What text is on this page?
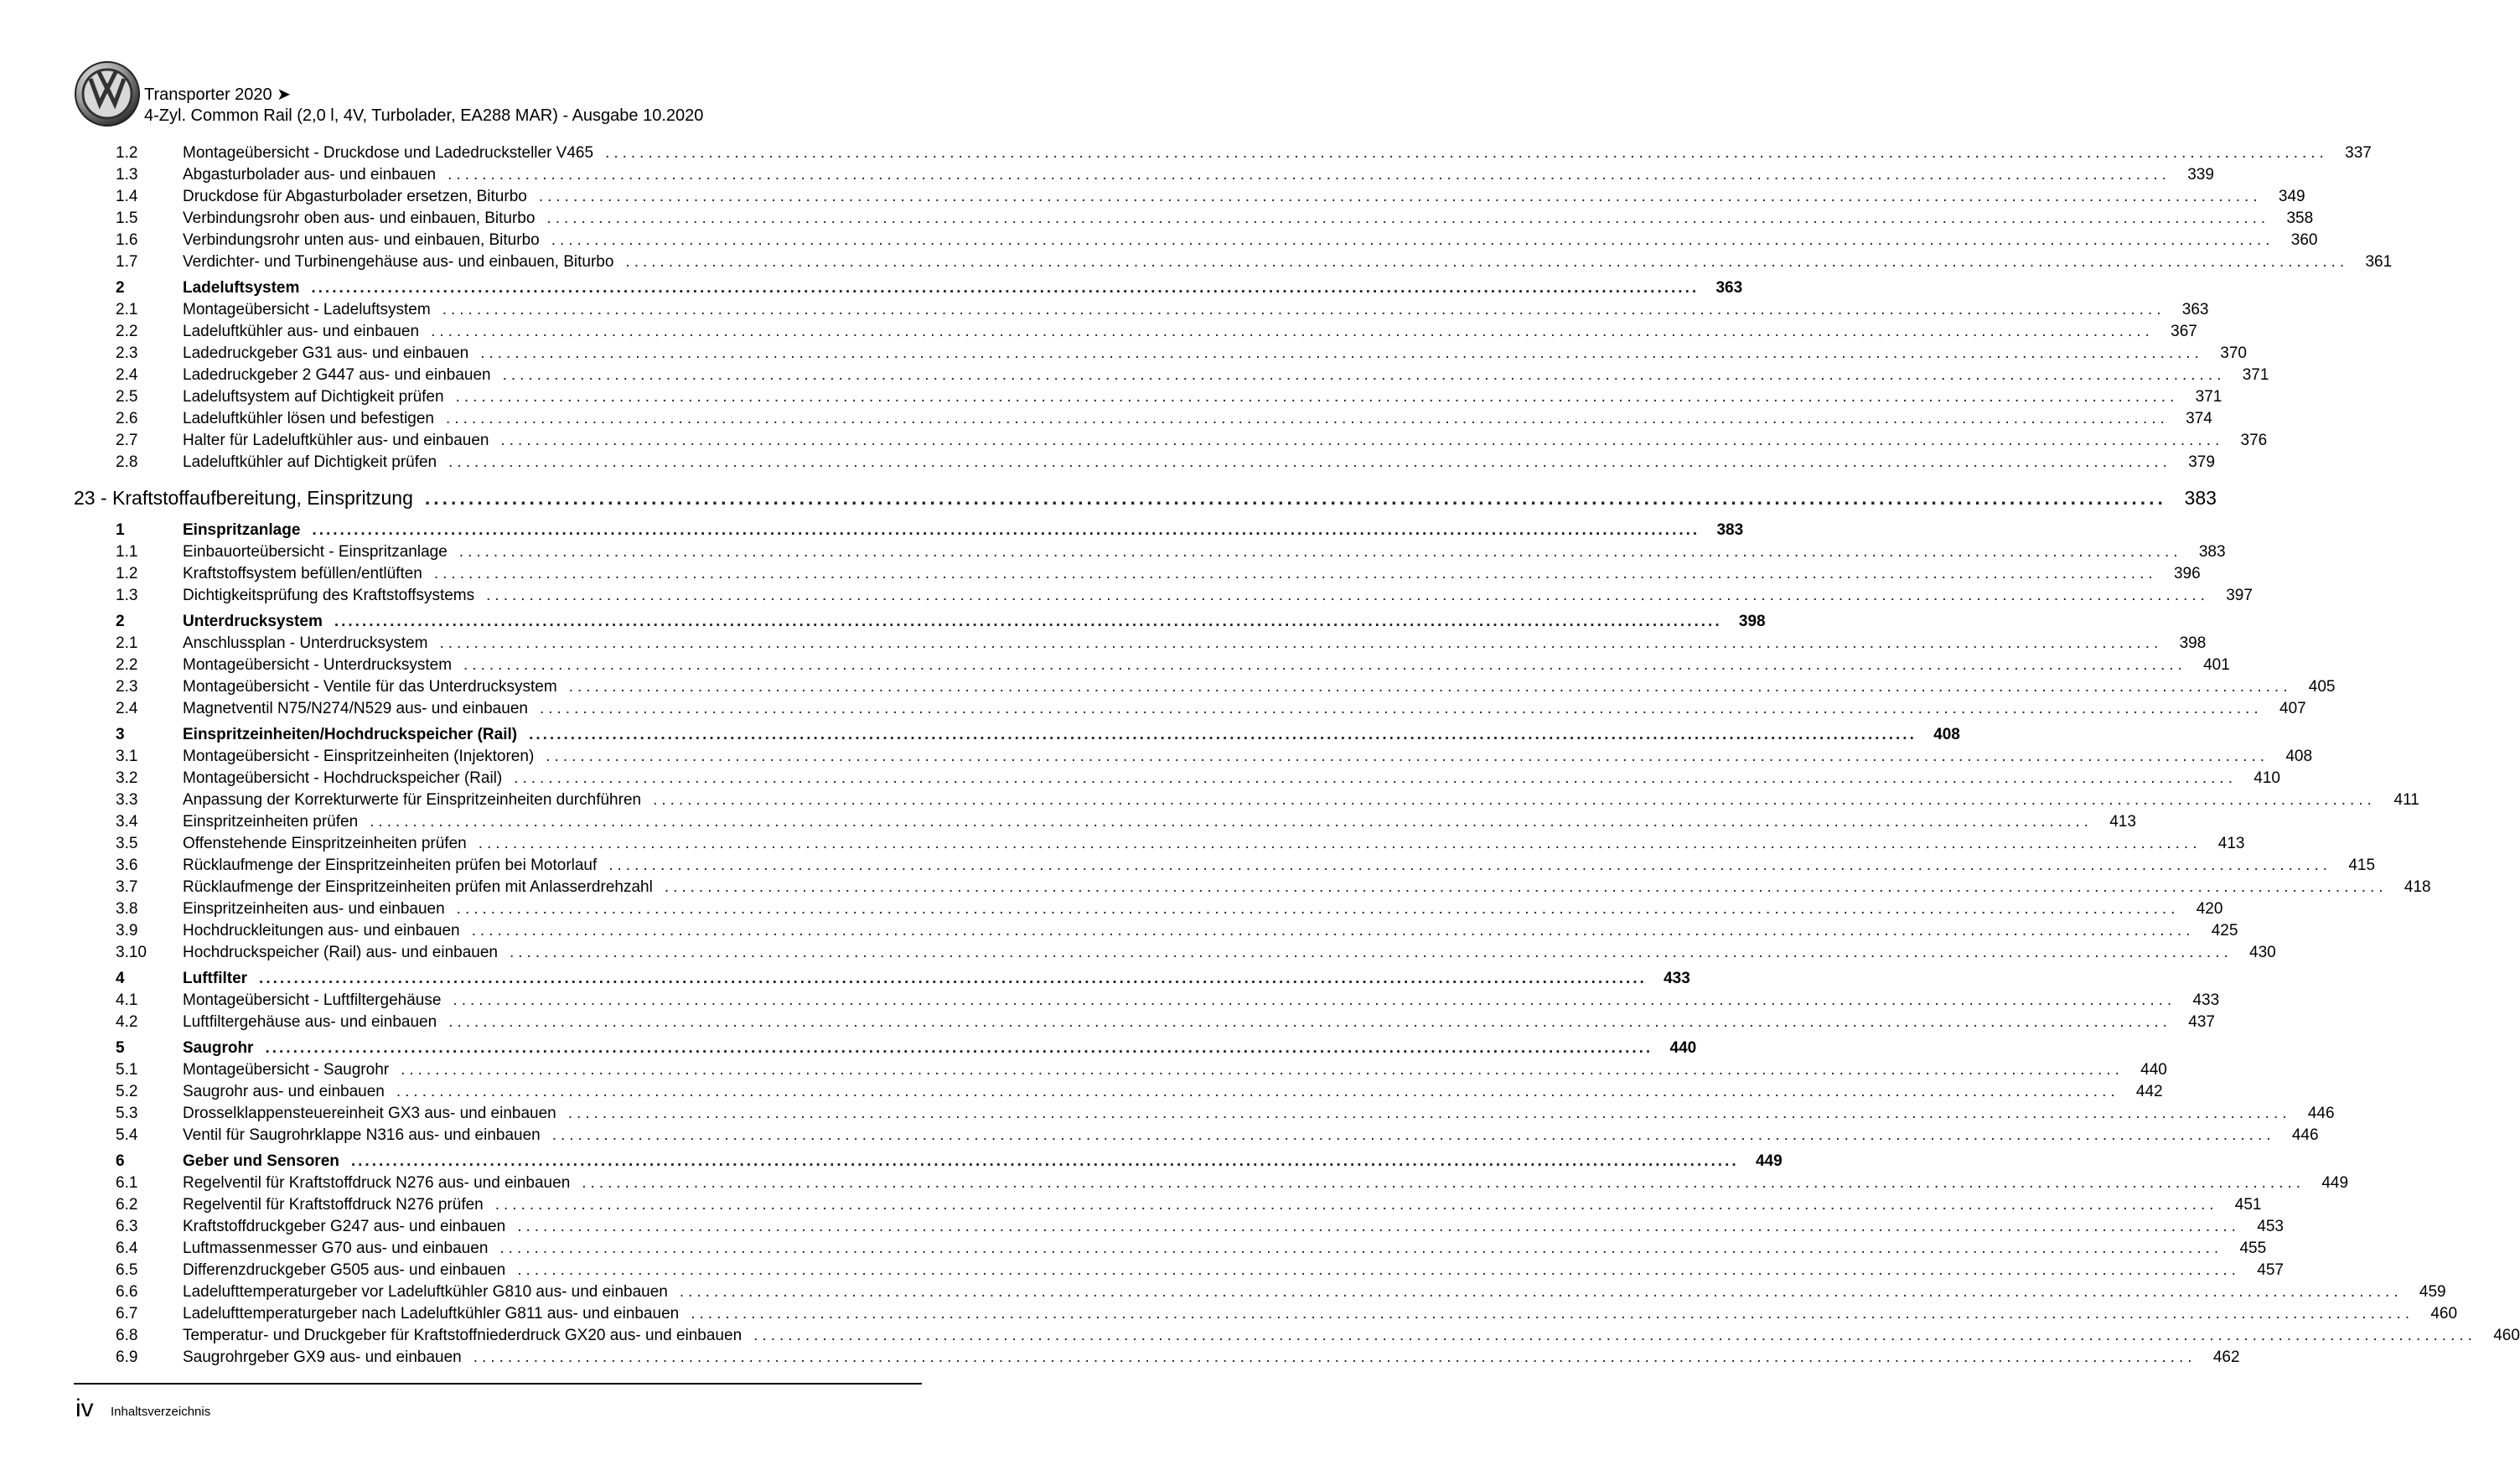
Transporter 2020 ➤
4-Zyl. Common Rail (2,0 l, 4V, Turbolader, EA288 MAR) - Ausgabe 10.2020
1.2	Montageübersicht - Druckdose und Ladedrucksteller V465 ........................................................................................................................................................................................................	337
1.3	Abgasturbolader aus- und einbauen ........................................................................................................................................................................................................	339
1.4	Druckdose für Abgasturbolader ersetzen, Biturbo ........................................................................................................................................................................................................	349
1.5	Verbindungsrohr oben aus- und einbauen, Biturbo ........................................................................................................................................................................................................	358
1.6	Verbindungsrohr unten aus- und einbauen, Biturbo ........................................................................................................................................................................................................	360
1.7	Verdichter- und Turbinengehäuse aus- und einbauen, Biturbo ........................................................................................................................................................................................................	361
2	Ladeluftsystem ........................................................................................................................................................................................................	363
2.1	Montageübersicht - Ladeluftsystem ........................................................................................................................................................................................................	363
2.2	Ladeluftkühler aus- und einbauen ........................................................................................................................................................................................................	367
2.3	Ladedruckgeber G31 aus- und einbauen ........................................................................................................................................................................................................	370
2.4	Ladedruckgeber 2 G447 aus- und einbauen ........................................................................................................................................................................................................	371
2.5	Ladeluftsystem auf Dichtigkeit prüfen ........................................................................................................................................................................................................	371
2.6	Ladeluftkühler lösen und befestigen ........................................................................................................................................................................................................	374
2.7	Halter für Ladeluftkühler aus- und einbauen ........................................................................................................................................................................................................	376
2.8	Ladeluftkühler auf Dichtigkeit prüfen ........................................................................................................................................................................................................	379
23 - Kraftstoffaufbereitung, Einspritzung ........................................................................................................................................................................................................ 383
1	Einspritzanlage ........................................................................................................................................................................................................	383
1.1	Einbauorteübersicht - Einspritzanlage ........................................................................................................................................................................................................	383
1.2	Kraftstoffsystem befüllen/entlüften ........................................................................................................................................................................................................	396
1.3	Dichtigkeitsprüfung des Kraftstoffsystems ........................................................................................................................................................................................................	397
2	Unterdrucksystem ........................................................................................................................................................................................................	398
2.1	Anschlussplan - Unterdrucksystem ........................................................................................................................................................................................................	398
2.2	Montageübersicht - Unterdrucksystem ........................................................................................................................................................................................................	401
2.3	Montageübersicht - Ventile für das Unterdrucksystem ........................................................................................................................................................................................................	405
2.4	Magnetventil N75/N274/N529 aus- und einbauen ........................................................................................................................................................................................................	407
3	Einspritzeinheiten/Hochdruckspeicher (Rail) ........................................................................................................................................................................................................	408
3.1	Montageübersicht - Einspritzeinheiten (Injektoren) ........................................................................................................................................................................................................	408
3.2	Montageübersicht - Hochdruckspeicher (Rail) ........................................................................................................................................................................................................	410
3.3	Anpassung der Korrekturwerte für Einspritzeinheiten durchführen ........................................................................................................................................................................................................	411
3.4	Einspritzeinheiten prüfen ........................................................................................................................................................................................................	413
3.5	Offenstehende Einspritzeinheiten prüfen ........................................................................................................................................................................................................	413
3.6	Rücklaufmenge der Einspritzeinheiten prüfen bei Motorlauf ........................................................................................................................................................................................................	415
3.7	Rücklaufmenge der Einspritzeinheiten prüfen mit Anlasserdrehzahl ........................................................................................................................................................................................................	418
3.8	Einspritzeinheiten aus- und einbauen ........................................................................................................................................................................................................	420
3.9	Hochdruckleitungen aus- und einbauen ........................................................................................................................................................................................................	425
3.10	Hochdruckspeicher (Rail) aus- und einbauen ........................................................................................................................................................................................................	430
4	Luftfilter ........................................................................................................................................................................................................	433
4.1	Montageübersicht - Luftfiltergehäuse ........................................................................................................................................................................................................	433
4.2	Luftfiltergehäuse aus- und einbauen ........................................................................................................................................................................................................	437
5	Saugrohr ........................................................................................................................................................................................................	440
5.1	Montageübersicht - Saugrohr ........................................................................................................................................................................................................	440
5.2	Saugrohr aus- und einbauen ........................................................................................................................................................................................................	442
5.3	Drosselklappensteuereinheit GX3 aus- und einbauen ........................................................................................................................................................................................................	446
5.4	Ventil für Saugrohrklappe N316 aus- und einbauen ........................................................................................................................................................................................................	446
6	Geber und Sensoren ........................................................................................................................................................................................................	449
6.1	Regelventil für Kraftstoffdruck N276 aus- und einbauen ........................................................................................................................................................................................................	449
6.2	Regelventil für Kraftstoffdruck N276 prüfen ........................................................................................................................................................................................................	451
6.3	Kraftstoffdruckgeber G247 aus- und einbauen ........................................................................................................................................................................................................	453
6.4	Luftmassenmesser G70 aus- und einbauen ........................................................................................................................................................................................................	455
6.5	Differenzdruckgeber G505 aus- und einbauen ........................................................................................................................................................................................................	457
6.6	Ladelufttemperaturgeber vor Ladeluftkühler G810 aus- und einbauen ........................................................................................................................................................................................................	459
6.7	Ladelufttemperaturgeber nach Ladeluftkühler G811 aus- und einbauen ........................................................................................................................................................................................................	460
6.8	Temperatur- und Druckgeber für Kraftstoffniederdruck GX20 aus- und einbauen ........................................................................................................................................................................................................	460
6.9	Saugrohrgeber GX9 aus- und einbauen ........................................................................................................................................................................................................	462
iv Inhaltsverzeichnis
